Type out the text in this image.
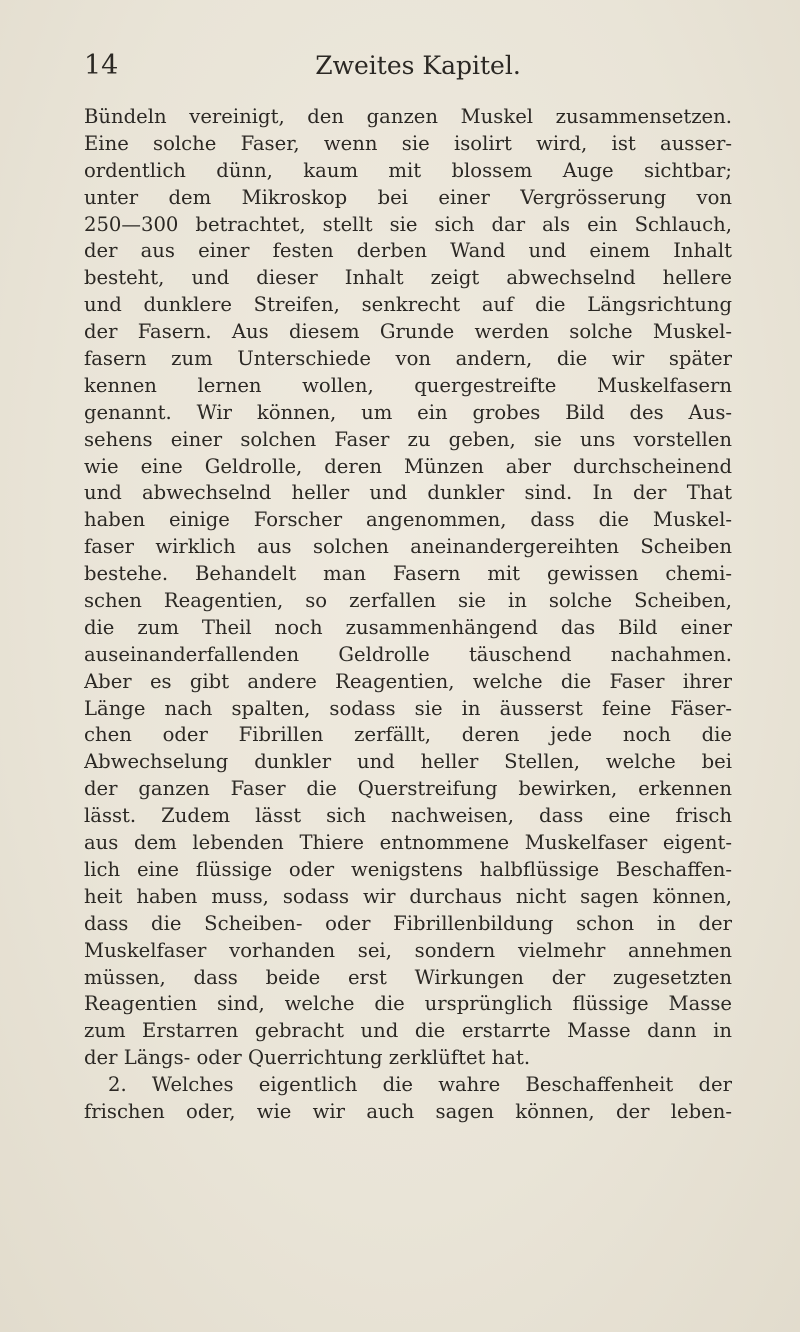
14	Zweites Kapitel.
Bündeln vereinigt, den ganzen Muskel zusammensetzen.
Eine solche Faser, wenn sie isolirt wird, ist ausser-
ordentlich dünn, kaum mit blossem Auge sichtbar;
unter dem Mikroskop bei einer Vergrösserung von
250—300 betrachtet, stellt sie sich dar als ein Schlauch,
der aus einer festen derben Wand und einem Inhalt
besteht, und dieser Inhalt zeigt abwechselnd hellere
und dunklere Streifen, senkrecht auf die Längsrichtung
der Fasern. Aus diesem Grunde werden solche Muskel-
fasern zum Unterschiede von andern, die wir später
kennen lernen wollen, quergestreifte Muskelfasern
genannt. Wir können, um ein grobes Bild des Aus-
sehens einer solchen Faser zu geben, sie uns vorstellen
wie eine Geldrolle, deren Münzen aber durchscheinend
und abwechselnd heller und dunkler sind. In der That
haben einige Forscher angenommen, dass die Muskel-
faser wirklich aus solchen aneinandergereihten Scheiben
bestehe. Behandelt man Fasern mit gewissen chemi-
schen Reagentien, so zerfallen sie in solche Scheiben,
die zum Theil noch zusammenhängend das Bild einer
auseinanderfallenden Geldrolle täuschend nachahmen.
Aber es gibt andere Reagentien, welche die Faser ihrer
Länge nach spalten, sodass sie in äusserst feine Fäser-
chen oder Fibrillen zerfällt, deren jede noch die
Abwechselung dunkler und heller Stellen, welche bei
der ganzen Faser die Querstreifung bewirken, erkennen
lässt. Zudem lässt sich nachweisen, dass eine frisch
aus dem lebenden Thiere entnommene Muskelfaser eigent-
lich eine flüssige oder wenigstens halbflüssige Beschaffen-
heit haben muss, sodass wir durchaus nicht sagen können,
dass die Scheiben- oder Fibrillenbildung schon in der
Muskelfaser vorhanden sei, sondern vielmehr annehmen
müssen, dass beide erst Wirkungen der zugesetzten
Reagentien sind, welche die ursprünglich flüssige Masse
zum Erstarren gebracht und die erstarrte Masse dann in
der Längs- oder Querrichtung zerklüftet hat.
2. Welches eigentlich die wahre Beschaffenheit der
frischen oder, wie wir auch sagen können, der leben-
